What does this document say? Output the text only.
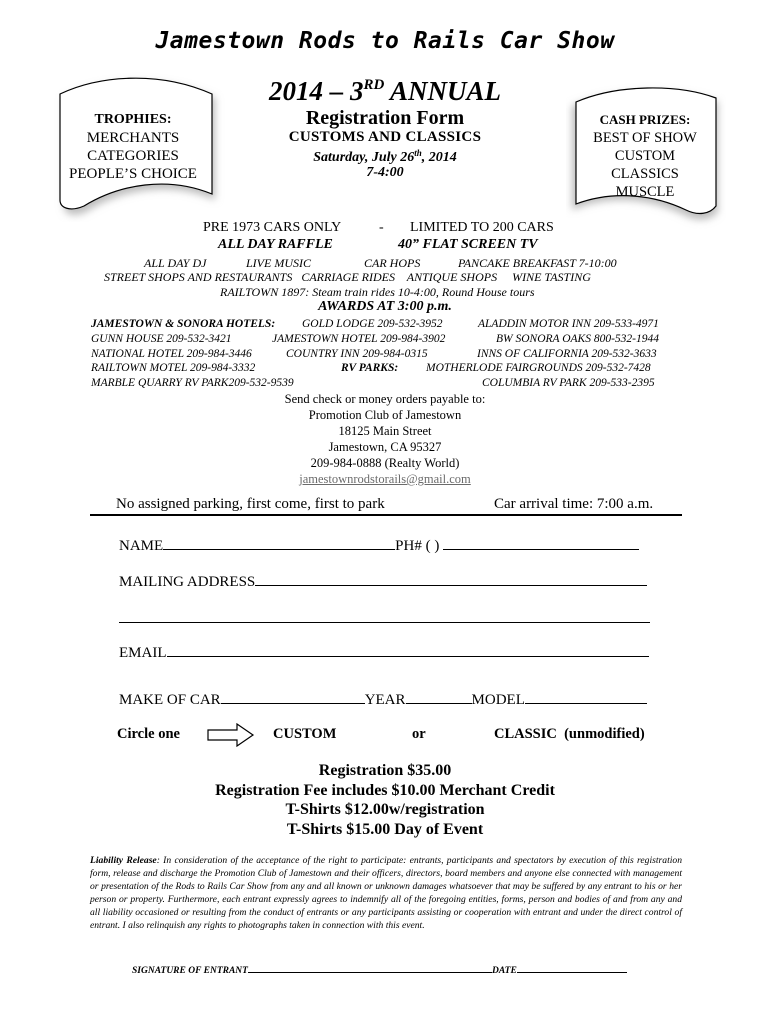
Jamestown Rods to Rails Car Show
2014 – 3RD ANNUAL
Registration Form
CUSTOMS AND CLASSICS
Saturday, July 26th, 2014
7-4:00
TROPHIES:
MERCHANTS
CATEGORIES
PEOPLE’S CHOICE
CASH PRIZES:
BEST OF SHOW
CUSTOM
CLASSICS
MUSCLE
PRE 1973 CARS ONLY	- LIMITED TO 200 CARS
ALL DAY RAFFLE	40” FLAT SCREEN TV
ALL DAY DJ	LIVE MUSIC	CAR HOPS	PANCAKE BREAKFAST 7-10:00
STREET SHOPS AND RESTAURANTS   CARRIAGE RIDES    ANTIQUE SHOPS     WINE TASTING
RAILTOWN 1897: Steam train rides 10-4:00, Round House tours
AWARDS AT 3:00 p.m.
JAMESTOWN & SONORA HOTELS: GOLD LODGE 209-532-3952	ALADDIN MOTOR INN 209-533-4971
GUNN HOUSE 209-532-3421	JAMESTOWN HOTEL 209-984-3902	BW SONORA OAKS 800-532-1944
NATIONAL HOTEL 209-984-3446	COUNTRY INN 209-984-0315	INNS OF CALIFORNIA 209-532-3633
RAILTOWN MOTEL 209-984-3332	RV PARKS: MOTHERLODE FAIRGROUNDS 209-532-7428
MARBLE QUARRY RV PARK209-532-9539	COLUMBIA RV PARK 209-533-2395
Send check or money orders payable to:
Promotion Club of Jamestown
18125 Main Street
Jamestown, CA 95327
209-984-0888 (Realty World)
jamestownrodstorails@gmail.com
No assigned parking, first come, first to park	Car arrival time: 7:00 a.m.
NAME	PH# ( )
MAILING ADDRESS
EMAIL
MAKE OF CAR	YEAR	MODEL
Circle one	CUSTOM	or	CLASSIC  (unmodified)
Registration $35.00
Registration Fee includes $10.00 Merchant Credit
T-Shirts $12.00w/registration
T-Shirts $15.00 Day of Event
Liability Release: In consideration of the acceptance of the right to participate: entrants, participants and spectators by execution of this registration form, release and discharge the Promotion Club of Jamestown and their officers, directors, board members and anyone else connected with management or presentation of the Rods to Rails Car Show from any and all known or unknown damages whatsoever that may be suffered by any entrant to his or her person or property. Furthermore, each entrant expressly agrees to indemnify all of the foregoing entities, forms, person and bodies of and from any and all liability occasioned or resulting from the conduct of entrants or any participants assisting or cooperation with entrant and under the direct control of entrant. I also relinquish any rights to photographs taken in connection with this event.
SIGNATURE OF ENTRANT	DATE
